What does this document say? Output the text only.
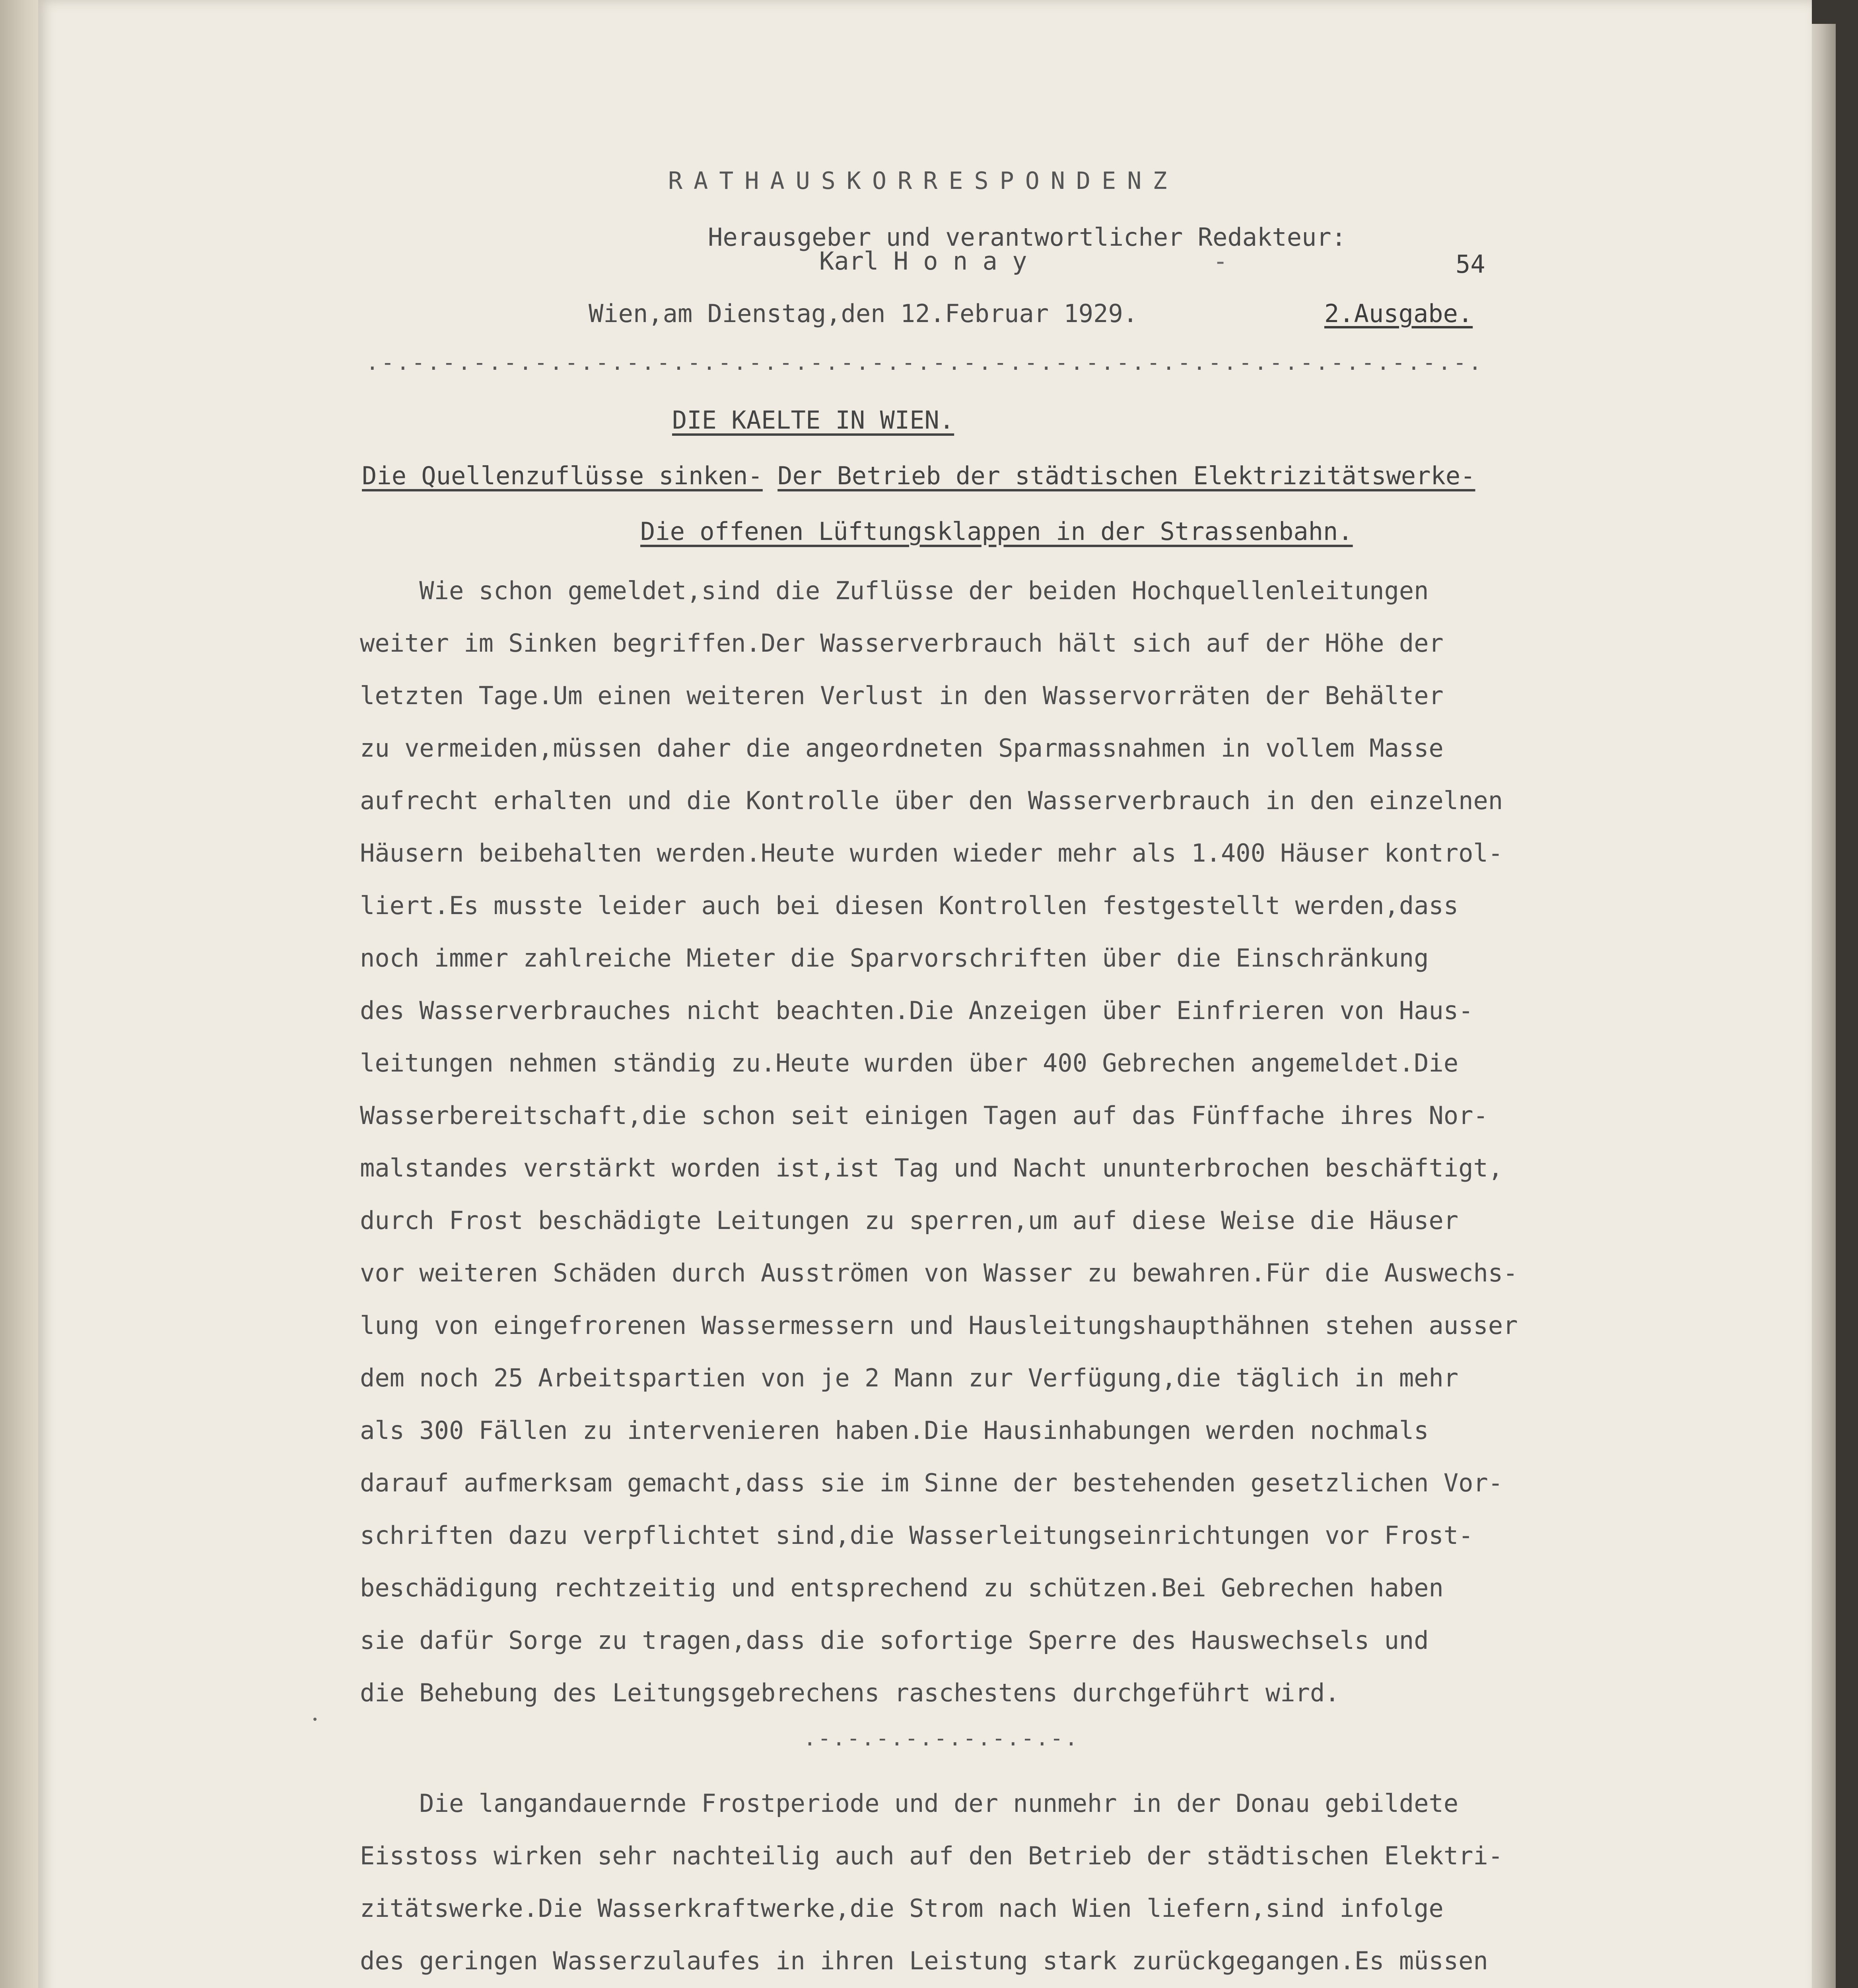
RATHAUSKORRESPONDENZ
Herausgeber und verantwortlicher Redakteur:
Karl H o n a y	-	54
Wien,am Dienstag,den 12.Februar 1929.	2.Ausgabe.
.-.-.-.-.-.-.-.-.-.-.-.-.-.-.-.-.-.-.-.-.-.-.-.-.-.-.-.-.-.-.-.-.-.-.-.-.
DIE KAELTE IN WIEN.
Die Quellenzuflüsse sinken- Der Betrieb der städtischen Elektrizitätswerke-
Die offenen Lüftungsklappen in der Strassenbahn.
Wie schon gemeldet,sind die Zuflüsse der beiden Hochquellenleitungen
weiter im Sinken begriffen.Der Wasserverbrauch hält sich auf der Höhe der
letzten Tage.Um einen weiteren Verlust in den Wasservorräten der Behälter
zu vermeiden,müssen daher die angeordneten Sparmassnahmen in vollem Masse
aufrecht erhalten und die Kontrolle über den Wasserverbrauch in den einzelnen
Häusern beibehalten werden.Heute wurden wieder mehr als 1.400 Häuser kontrol-
liert.Es musste leider auch bei diesen Kontrollen festgestellt werden,dass
noch immer zahlreiche Mieter die Sparvorschriften über die Einschränkung
des Wasserverbrauches nicht beachten.Die Anzeigen über Einfrieren von Haus-
leitungen nehmen ständig zu.Heute wurden über 400 Gebrechen angemeldet.Die
Wasserbereitschaft,die schon seit einigen Tagen auf das Fünffache ihres Nor-
malstandes verstärkt worden ist,ist Tag und Nacht ununterbrochen beschäftigt,
durch Frost beschädigte Leitungen zu sperren,um auf diese Weise die Häuser
vor weiteren Schäden durch Ausströmen von Wasser zu bewahren.Für die Auswechs-
lung von eingefrorenen Wassermessern und Hausleitungshaupthähnen stehen ausser
dem noch 25 Arbeitspartien von je 2 Mann zur Verfügung,die täglich in mehr
als 300 Fällen zu intervenieren haben.Die Hausinhabungen werden nochmals
darauf aufmerksam gemacht,dass sie im Sinne der bestehenden gesetzlichen Vor-
schriften dazu verpflichtet sind,die Wasserleitungseinrichtungen vor Frost-
beschädigung rechtzeitig und entsprechend zu schützen.Bei Gebrechen haben
sie dafür Sorge zu tragen,dass die sofortige Sperre des Hauswechsels und
die Behebung des Leitungsgebrechens raschestens durchgeführt wird.
.-.-.-.-.-.-.-.-.-.
Die langandauernde Frostperiode und der nunmehr in der Donau gebildete
Eisstoss wirken sehr nachteilig auch auf den Betrieb der städtischen Elektri-
zitätswerke.Die Wasserkraftwerke,die Strom nach Wien liefern,sind infolge
des geringen Wasserzulaufes in ihren Leistung stark zurückgegangen.Es müssen
